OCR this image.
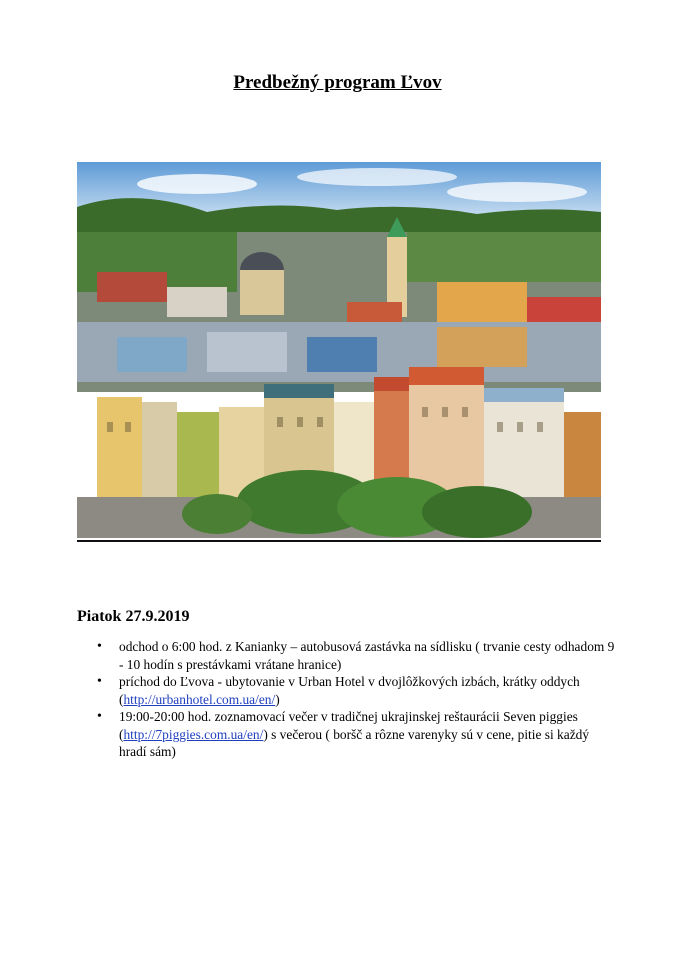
Predbežný program Ľvov
Piatok 27.9.2019
• odchod o 6:00 hod. z Kanianky – autobusová zastávka na sídlisku ( trvanie cesty odhadom 9 - 10 hodín s prestávkami vrátane hranice)
• príchod do Ľvova - ubytovanie v Urban Hotel v dvojlôžkových izbách, krátky oddych (http://urbanhotel.com.ua/en/)
• 19:00-20:00 hod. zoznamovací večer v tradičnej ukrajinskej reštaurácii Seven piggies (http://7piggies.com.ua/en/) s večerou ( boršč a rôzne varenyky sú v cene, pitie si každý hradí sám)
